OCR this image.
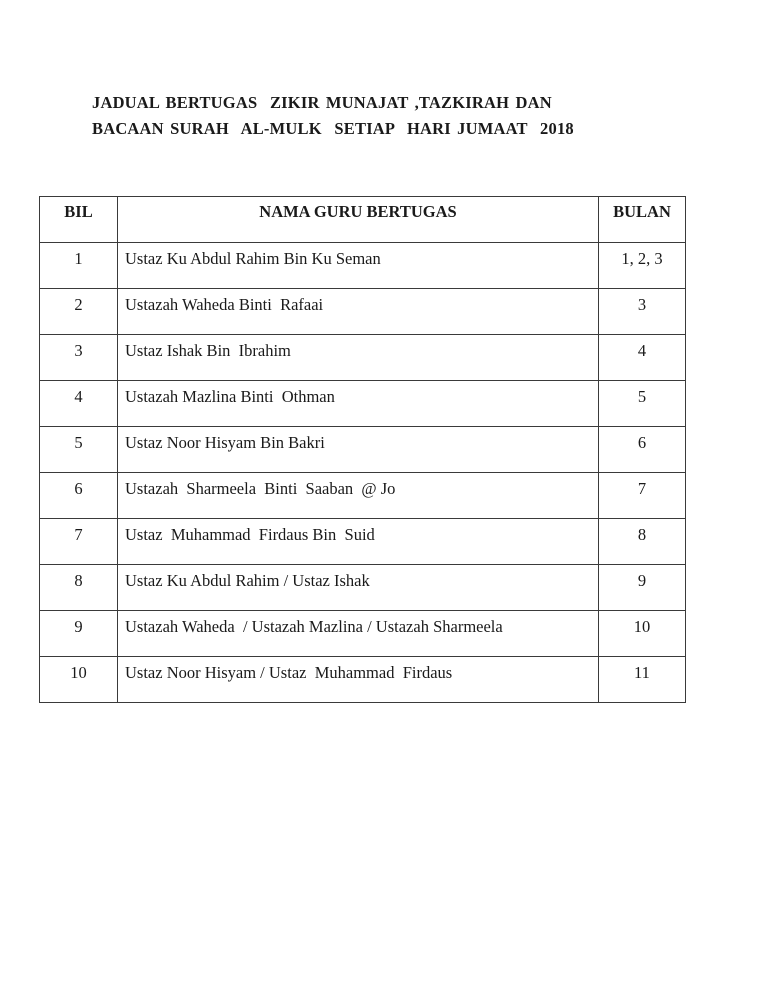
JADUAL BERTUGAS  ZIKIR MUNAJAT ,TAZKIRAH DAN
BACAAN SURAH  AL-MULK  SETIAP  HARI JUMAAT  2018
BIL	NAMA GURU BERTUGAS	BULAN
1	Ustaz Ku Abdul Rahim Bin Ku Seman	1, 2, 3
2	Ustazah Waheda Binti  Rafaai	3
3	Ustaz Ishak Bin  Ibrahim	4
4	Ustazah Mazlina Binti  Othman	5
5	Ustaz Noor Hisyam Bin Bakri	6
6	Ustazah  Sharmeela  Binti  Saaban  @ Jo	7
7	Ustaz  Muhammad  Firdaus Bin  Suid	8
8	Ustaz Ku Abdul Rahim / Ustaz Ishak	9
9	Ustazah Waheda  / Ustazah Mazlina / Ustazah Sharmeela	10
10	Ustaz Noor Hisyam / Ustaz  Muhammad  Firdaus	11
